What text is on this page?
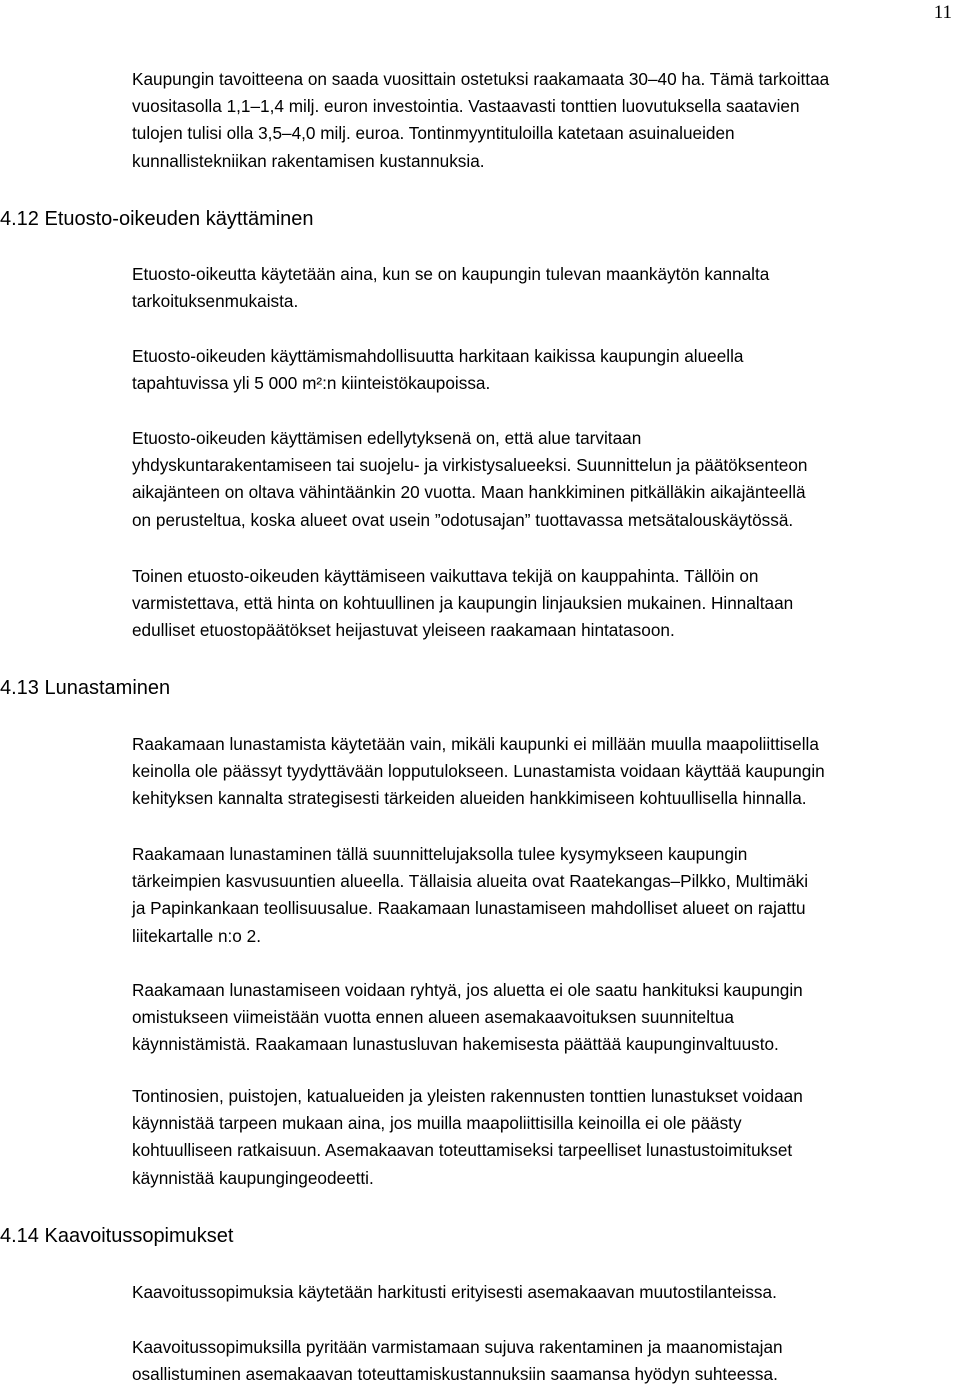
11

Kaupungin tavoitteena on saada vuosittain ostetuksi raakamaata 30–40 ha. Tämä tarkoittaa
vuositasolla 1,1–1,4 milj. euron investointia. Vastaavasti tonttien luovutuksella saatavien
tulojen tulisi olla 3,5–4,0 milj. euroa. Tontinmyyntituloilla katetaan asuinalueiden
kunnallistekniikan rakentamisen kustannuksia.

4.12 Etuosto-oikeuden käyttäminen

Etuosto-oikeutta käytetään aina, kun se on kaupungin tulevan maankäytön kannalta
tarkoituksenmukaista.

Etuosto-oikeuden käyttämismahdollisuutta harkitaan kaikissa kaupungin alueella
tapahtuvissa yli 5 000 m²:n kiinteistökaupoissa.

Etuosto-oikeuden käyttämisen edellytyksenä on, että alue tarvitaan
yhdyskuntarakentamiseen tai suojelu- ja virkistysalueeksi. Suunnittelun ja päätöksenteon
aikajänteen on oltava vähintäänkin 20 vuotta. Maan hankkiminen pitkälläkin aikajänteellä
on perusteltua, koska alueet ovat usein ”odotusajan” tuottavassa metsätalouskäytössä.

Toinen etuosto-oikeuden käyttämiseen vaikuttava tekijä on kauppahinta. Tällöin on
varmistettava, että hinta on kohtuullinen ja kaupungin linjauksien mukainen. Hinnaltaan
edulliset etuostopäätökset heijastuvat yleiseen raakamaan hintatasoon.

4.13 Lunastaminen

Raakamaan lunastamista käytetään vain, mikäli kaupunki ei millään muulla maapoliittisella
keinolla ole päässyt tyydyttävään lopputulokseen. Lunastamista voidaan käyttää kaupungin
kehityksen kannalta strategisesti tärkeiden alueiden hankkimiseen kohtuullisella hinnalla.

Raakamaan lunastaminen tällä suunnittelujaksolla tulee kysymykseen kaupungin
tärkeimpien kasvusuuntien alueella. Tällaisia alueita ovat Raatekangas–Pilkko, Multimäki
ja Papinkankaan teollisuusalue. Raakamaan lunastamiseen mahdolliset alueet on rajattu
liitekartalle n:o 2.

Raakamaan lunastamiseen voidaan ryhtyä, jos aluetta ei ole saatu hankituksi kaupungin
omistukseen viimeistään vuotta ennen alueen asemakaavoituksen suunniteltua
käynnistämistä. Raakamaan lunastusluvan hakemisesta päättää kaupunginvaltuusto.

Tontinosien, puistojen, katualueiden ja yleisten rakennusten tonttien lunastukset voidaan
käynnistää tarpeen mukaan aina, jos muilla maapoliittisilla keinoilla ei ole päästy
kohtuulliseen ratkaisuun. Asemakaavan toteuttamiseksi tarpeelliset lunastustoimitukset
käynnistää kaupungingeodeetti.

4.14 Kaavoitussopimukset

Kaavoitussopimuksia käytetään harkitusti erityisesti asemakaavan muutostilanteissa.

Kaavoitussopimuksilla pyritään varmistamaan sujuva rakentaminen ja maanomistajan
osallistuminen asemakaavan toteuttamiskustannuksiin saamansa hyödyn suhteessa.
